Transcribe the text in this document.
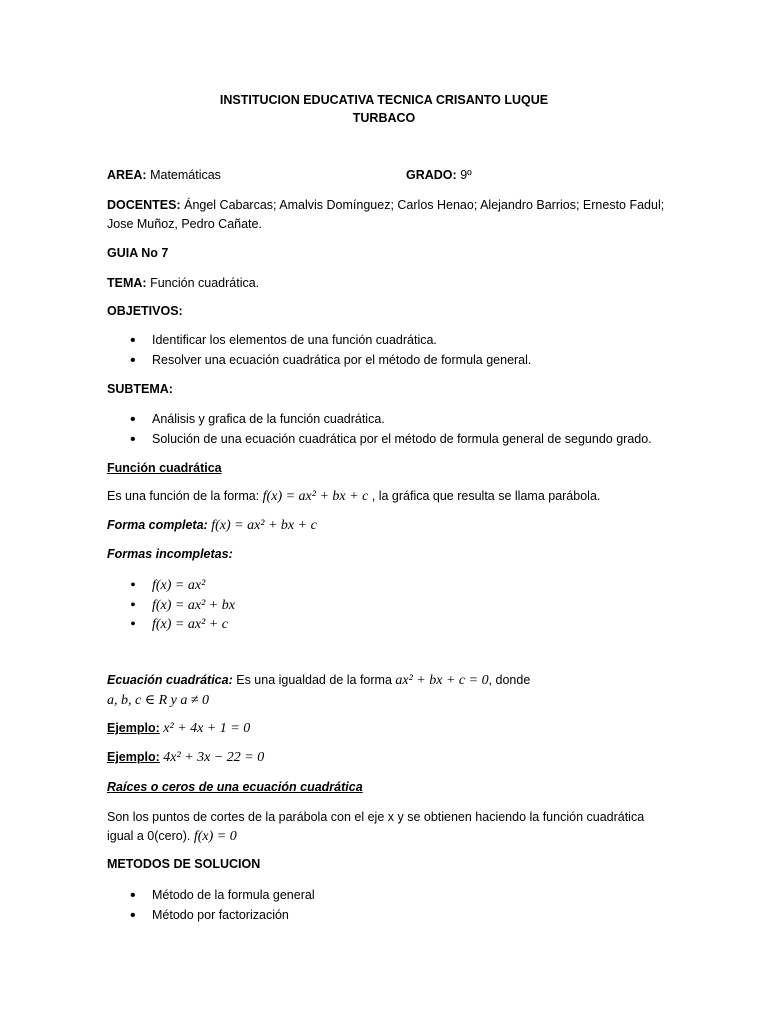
INSTITUCION EDUCATIVA TECNICA CRISANTO LUQUE
TURBACO
AREA: Matemáticas	GRADO: 9º
DOCENTES: Ángel Cabarcas; Amalvis Domínguez; Carlos Henao; Alejandro Barrios; Ernesto Fadul;
Jose Muñoz, Pedro Cañate.
GUIA No 7
TEMA: Función cuadrática.
OBJETIVOS:
• Identificar los elementos de una función cuadrática.
• Resolver una ecuación cuadrática por el método de formula general.
SUBTEMA:
• Análisis y grafica de la función cuadrática.
• Solución de una ecuación cuadrática por el método de formula general de segundo grado.
Función cuadrática
Es una función de la forma: f(x) = ax² + bx + c , la gráfica que resulta se llama parábola.
Forma completa: f(x) = ax² + bx + c
Formas incompletas:
• f(x) = ax²
• f(x) = ax² + bx
• f(x) = ax² + c
Ecuación cuadrática: Es una igualdad de la forma ax² + bx + c = 0, donde
a, b, c ∈ R y a ≠ 0
Ejemplo: x² + 4x + 1 = 0
Ejemplo: 4x² + 3x − 22 = 0
Raíces o ceros de una ecuación cuadrática
Son los puntos de cortes de la parábola con el eje x y se obtienen haciendo la función cuadrática
igual a 0(cero). f(x) = 0
METODOS DE SOLUCION
• Método de la formula general
• Método por factorización
